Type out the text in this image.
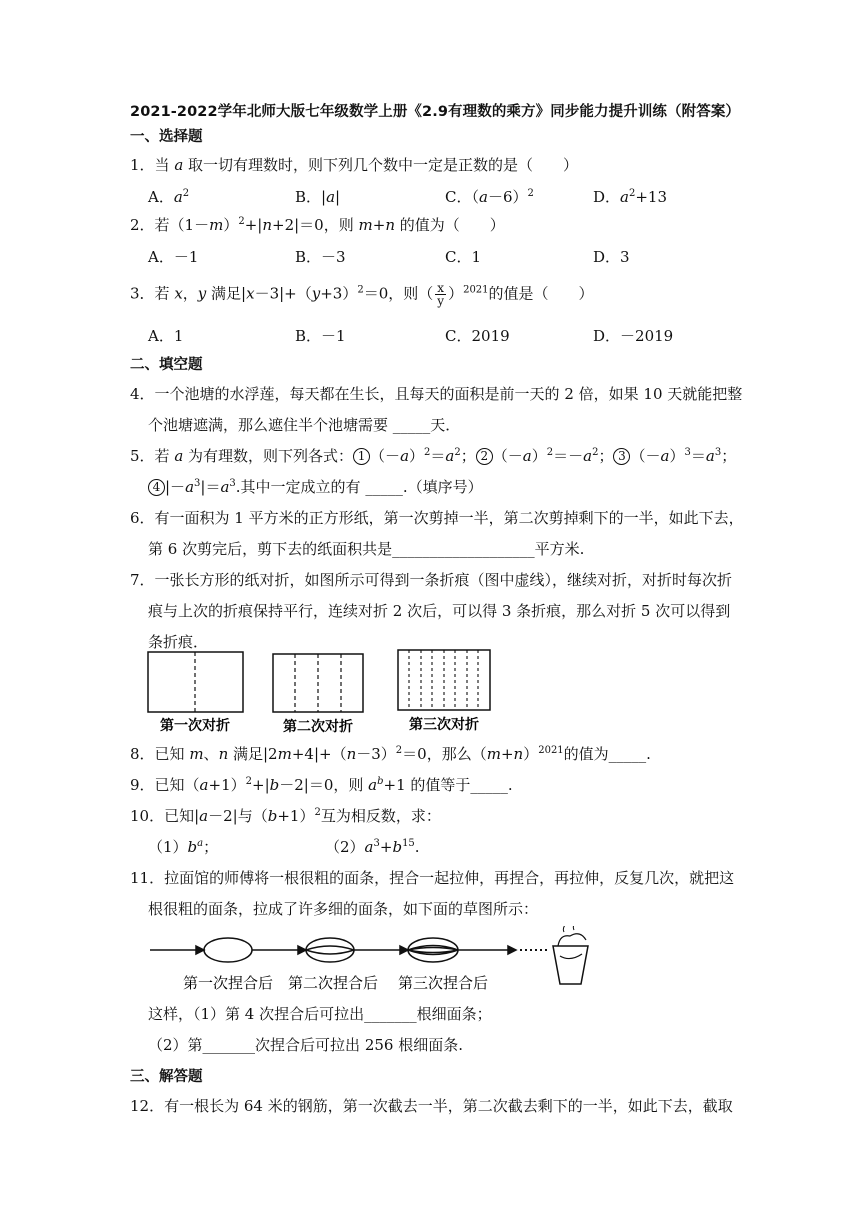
2021-2022学年北师大版七年级数学上册《2.9有理数的乘方》同步能力提升训练（附答案）
一、选择题
1．当 a 取一切有理数时，则下列几个数中一定是正数的是（　　）
A．$a^2$	B．|a|	C．$(a-6)^2$	D．$a^2+13$
2．若$(1-m)^2+|n+2|=0$，则 m+n 的值为（　　）
A．－1	B．－3	C．1	D．3
3．若 x，y 满足$|x-3|+(y+3)^2=0$，则（ $\frac{x}{y} )^{2021}$的值是（　　）
A．1	B．－1	C．2019	D．－2019
二、填空题
4．一个池塘的水浮莲，每天都在生长，且每天的面积是前一天的 2 倍，如果 10 天就能把整
个池塘遮满，那么遮住半个池塘需要 _____天．
5．若 a 为有理数，则下列各式： 1 $(-a)^2=a^2$； 2 $(-a)^2=-a^2$； 3 $(-a)^3=a^3$；
4 $|-a^3|=a^3$.其中一定成立的有 _____.（填序号）
6．有一面积为 1 平方米的正方形纸，第一次剪掉一半，第二次剪掉剩下的一半，如此下去，
第 6 次剪完后，剪下去的纸面积共是___________________平方米.
7．一张长方形的纸对折，如图所示可得到一条折痕（图中虚线），继续对折，对折时每次折
痕与上次的折痕保持平行，连续对折 2 次后，可以得 3 条折痕，那么对折 5 次可以得到
条折痕．
第一次对折	第二次对折	第三次对折
8．已知 m、n 满足$|2m+4|+(n-3)^2=0$，那么$(m+n)^{2021}$的值为_____.
9．已知$(a+1)^2+|b-2|=0$，则 $a^b+1$ 的值等于_____.
10．已知|a－2|与$(b+1)^2$互为相反数，求：
$(1)b^a$；	$(2)a^3+b^{15}$.
11．拉面馆的师傅将一根很粗的面条，捏合一起拉伸，再捏合，再拉伸，反复几次，就把这
根很粗的面条，拉成了许多细的面条，如下面的草图所示：
第一次捏合后 第二次捏合后 第三次捏合后
这样，（1）第 4 次捏合后可拉出_______根细面条；
（2）第_______次捏合后可拉出 256 根细面条.
三、解答题
12．有一根长为 64 米的钢筋，第一次截去一半，第二次截去剩下的一半，如此下去，截取
